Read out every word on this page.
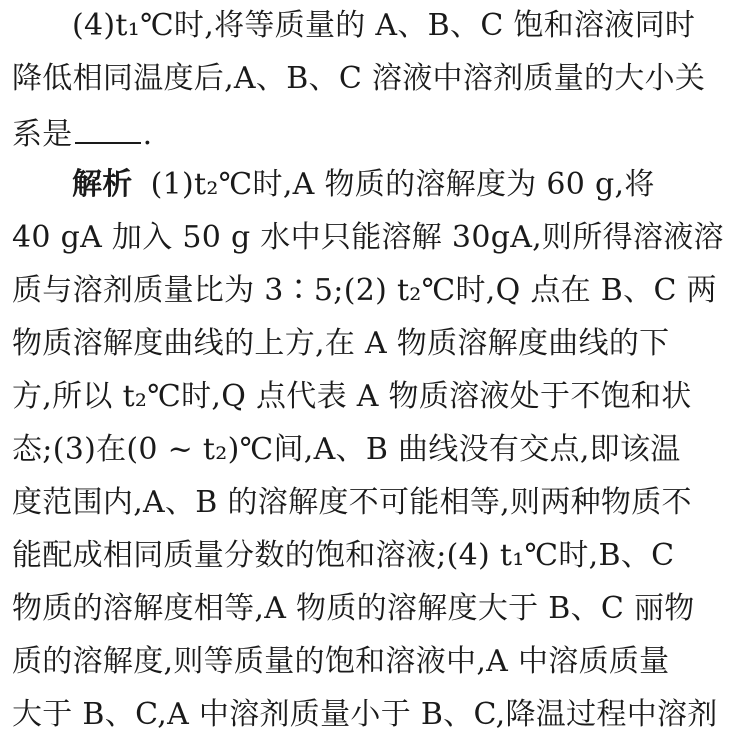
(4)t₁℃时,将等质量的 A、B、C 饱和溶液同时
降低相同温度后,A、B、C 溶液中溶剂质量的大小关
系是 .
解析 (1)t₂℃时,A 物质的溶解度为 60 g,将
40 gA 加入 50 g 水中只能溶解 30gA,则所得溶液溶
质与溶剂质量比为 3∶5;(2) t₂℃时,Q 点在 B、C 两
物质溶解度曲线的上方,在 A 物质溶解度曲线的下
方,所以 t₂℃时,Q 点代表 A 物质溶液处于不饱和状
态;(3)在(0 ~ t₂)℃间,A、B 曲线没有交点,即该温
度范围内,A、B 的溶解度不可能相等,则两种物质不
能配成相同质量分数的饱和溶液;(4) t₁℃时,B、C
物质的溶解度相等,A 物质的溶解度大于 B、C 丽物
质的溶解度,则等质量的饱和溶液中,A 中溶质质量
大于 B、C,A 中溶剂质量小于 B、C,降温过程中溶剂
